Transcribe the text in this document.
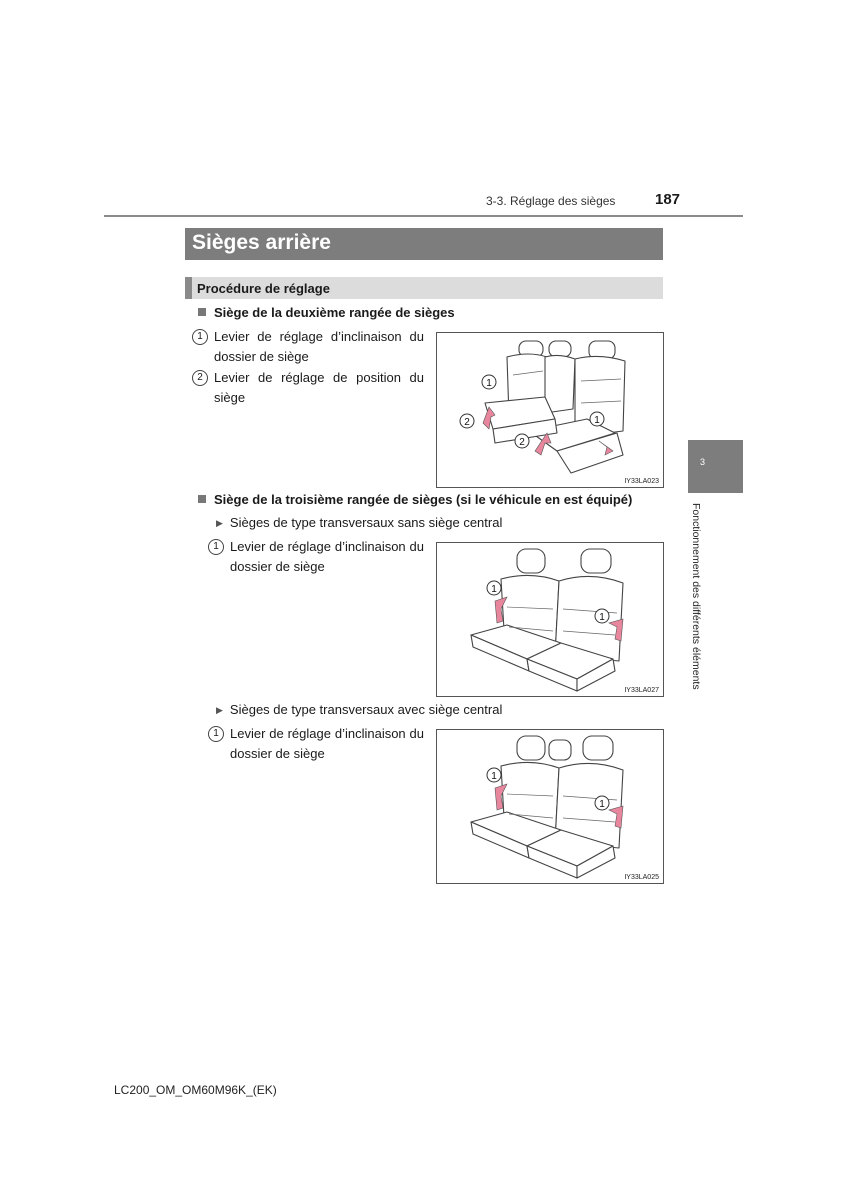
3-3. Réglage des sièges	187
Sièges arrière
Procédure de réglage
Siège de la deuxième rangée de sièges
1 Levier de réglage d’inclinaison du dossier de siège
2 Levier de réglage de position du siège
1
2
2
1
IY33LA023
Siège de la troisième rangée de sièges (si le véhicule en est équipé)
▶ Sièges de type transversaux sans siège central
1 Levier de réglage d’inclinaison du dossier de siège
1
1
IY33LA027
▶ Sièges de type transversaux avec siège central
1 Levier de réglage d’inclinaison du dossier de siège
1
1
IY33LA025
3
Fonctionnement des différents éléments
LC200_OM_OM60M96K_(EK)
